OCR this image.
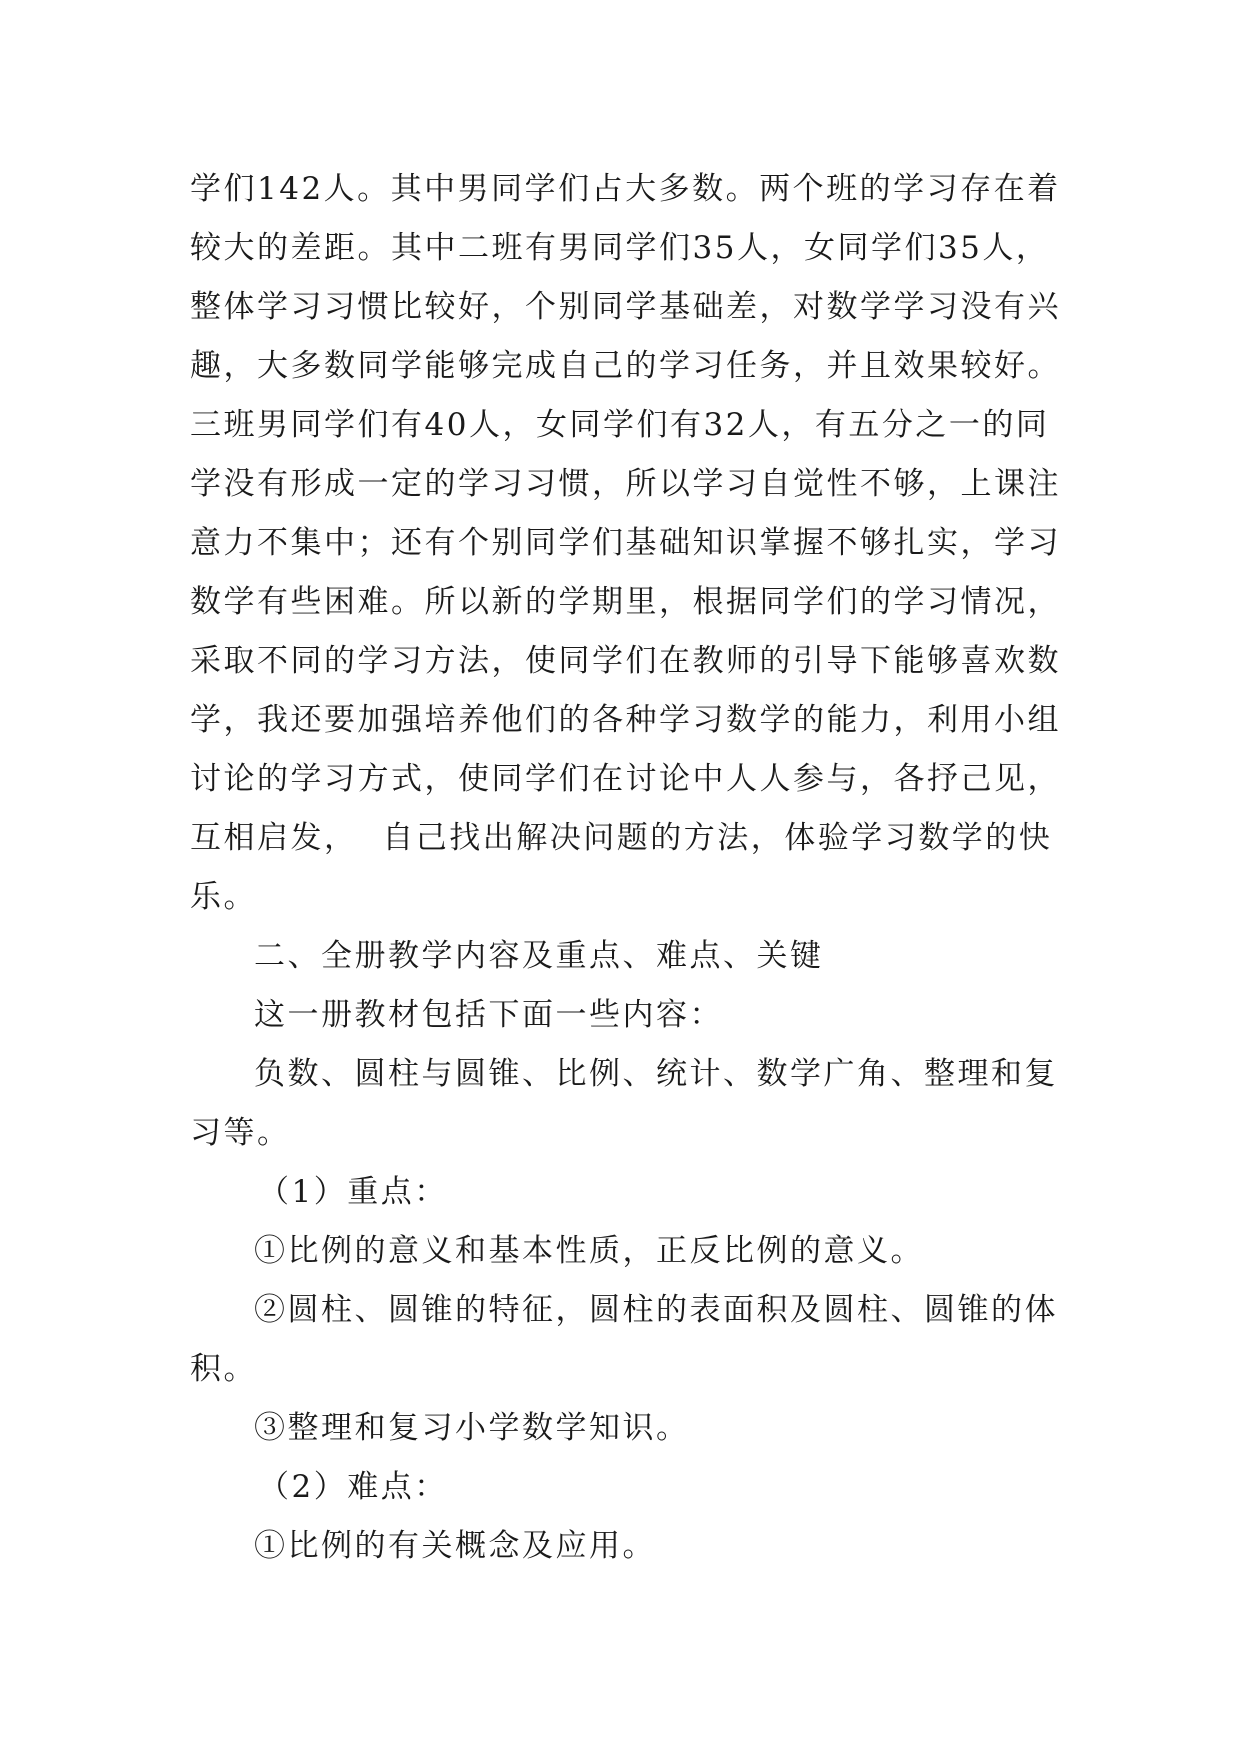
学们142人。其中男同学们占大多数。两个班的学习存在着较大的差距。其中二班有男同学们35人，女同学们35人，整体学习习惯比较好，个别同学基础差，对数学学习没有兴趣，大多数同学能够完成自己的学习任务，并且效果较好。三班男同学们有40人，女同学们有32人，有五分之一的同学没有形成一定的学习习惯，所以学习自觉性不够，上课注意力不集中；还有个别同学们基础知识掌握不够扎实，学习数学有些困难。所以新的学期里，根据同学们的学习情况，采取不同的学习方法，使同学们在教师的引导下能够喜欢数学，我还要加强培养他们的各种学习数学的能力，利用小组讨论的学习方式，使同学们在讨论中人人参与，各抒己见，互相启发，  自己找出解决问题的方法，体验学习数学的快乐。

二、全册教学内容及重点、难点、关键

这一册教材包括下面一些内容：

负数、圆柱与圆锥、比例、统计、数学广角、整理和复习等。

（1）重点：

①比例的意义和基本性质，正反比例的意义。

②圆柱、圆锥的特征，圆柱的表面积及圆柱、圆锥的体积。

③整理和复习小学数学知识。

（2）难点：

①比例的有关概念及应用。
